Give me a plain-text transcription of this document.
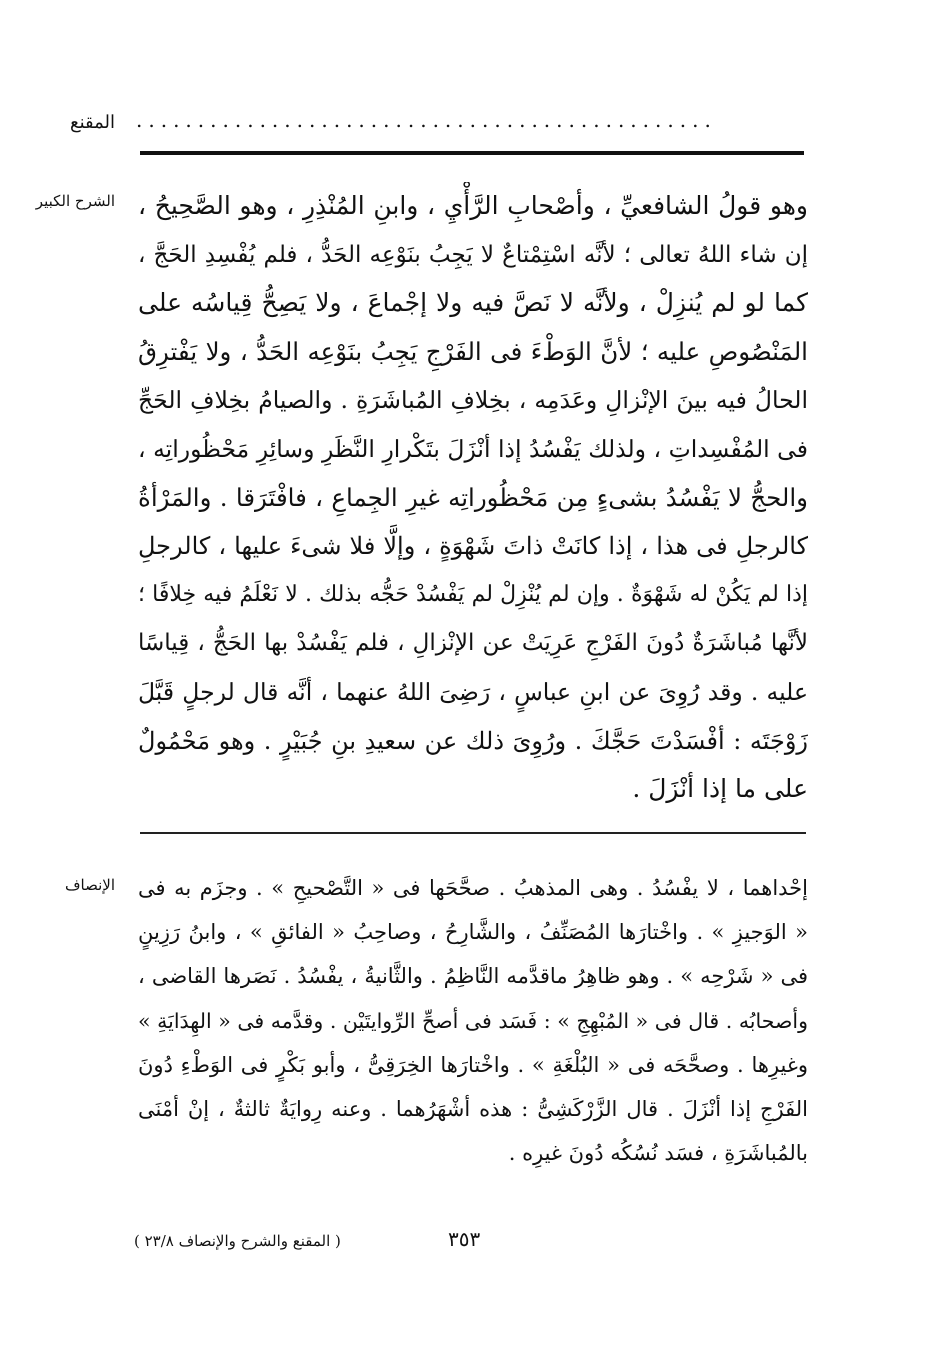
المقنع ...............................................
الشرح الكبير وهو قولُ الشافعيِّ ، وأصْحابِ الرَّأْيِ ، وابنِ المُنْذِرِ ، وهو الصَّحِيحُ ،
إن شاء اللهُ تعالى ؛ لأنَّه اسْتِمْتاعٌ لا يَجِبُ بنَوْعِه الحَدُّ ، فلم يُفْسِدِ الحَجَّ ،
كما لو لم يُنزِلْ ، ولأنَّه لا نَصَّ فيه ولا إجْماعَ ، ولا يَصِحُّ قِياسُه على
المَنْصُوصِ عليه ؛ لأنَّ الوَطْءَ فى الفَرْجِ يَجِبُ بنَوْعِه الحَدُّ ، ولا يَفْترِقُ
الحالُ فيه بينَ الإنْزالِ وعَدَمِه ، بخِلافِ المُباشَرَةِ . والصيامُ بخِلافِ الحَجِّ
فى المُفْسِداتِ ، ولذلك يَفْسُدُ إذا أنْزَلَ بتَكْرارِ النَّظَرِ وسائِرِ مَحْظُوراتِه ،
والحجُّ لا يَفْسُدُ بشىءٍ مِن مَحْظُوراتِه غيرِ الجِماعِ ، فافْتَرَقا . والمَرْأةُ
كالرجلِ فى هذا ، إذا كانَتْ ذاتَ شَهْوَةٍ ، وإلَّا فلا شىءَ عليها ، كالرجلِ
إذا لم يَكُنْ له شَهْوَةٌ . وإن لم يُنْزِلْ لم يَفْسُدْ حَجُّه بذلك . لا نَعْلَمُ فيه خِلافًا ؛
لأنَّها مُباشَرَةٌ دُونَ الفَرْجِ عَرِيَتْ عن الإنْزالِ ، فلم يَفْسُدْ بها الحَجُّ ، قِياسًا
عليه . وقد رُوِىَ عن ابنِ عباسٍ ، رَضِىَ اللهُ عنهما ، أنَّه قال لرجلٍ قَبَّلَ
زَوْجَتَه : أفْسَدْتَ حَجَّكَ . ورُوِىَ ذلك عن سعيدِ بنِ جُبَيْرٍ . وهو مَحْمُولٌ
على ما إذا أنْزَلَ .
الإنصاف إحْداهما ، لا يفْسُدُ . وهى المذهبُ . صحَّحَها فى « التَّصْحيحِ » . وجزَم به فى
« الوَجيزِ » . واخْتارَها المُصَنِّفُ ، والشَّارِحُ ، وصاحِبُ « الفائقِ » ، وابنُ رَزِينٍ
فى « شَرْحِه » . وهو ظاهِرُ ماقدَّمه النَّاظِمُ . والثَّانيةُ ، يفْسُدُ . نَصَرها القاضى ،
وأصحابُه . قال فى « المُبْهِجِ » : فَسَد فى أصحِّ الرِّوايتَيْن . وقدَّمه فى « الهِدَايَةِ »
وغيرِها . وصحَّحَه فى « البُلْغَةِ » . واخْتارَها الخِرَقِىُّ ، وأبو بَكْرٍ فى الوَطْءِ دُونَ
الفَرْجِ إذا أنْزَلَ . قال الزَّرْكَشِىُّ : هذه أشْهَرُهما . وعنه رِوايَةٌ ثالثةٌ ، إنْ أمْنَى
بالمُباشَرَةِ ، فسَد نُسُكُه دُونَ غيرِه .
( المقنع والشرح والإنصاف ٢٣/٨ )	٣٥٣
